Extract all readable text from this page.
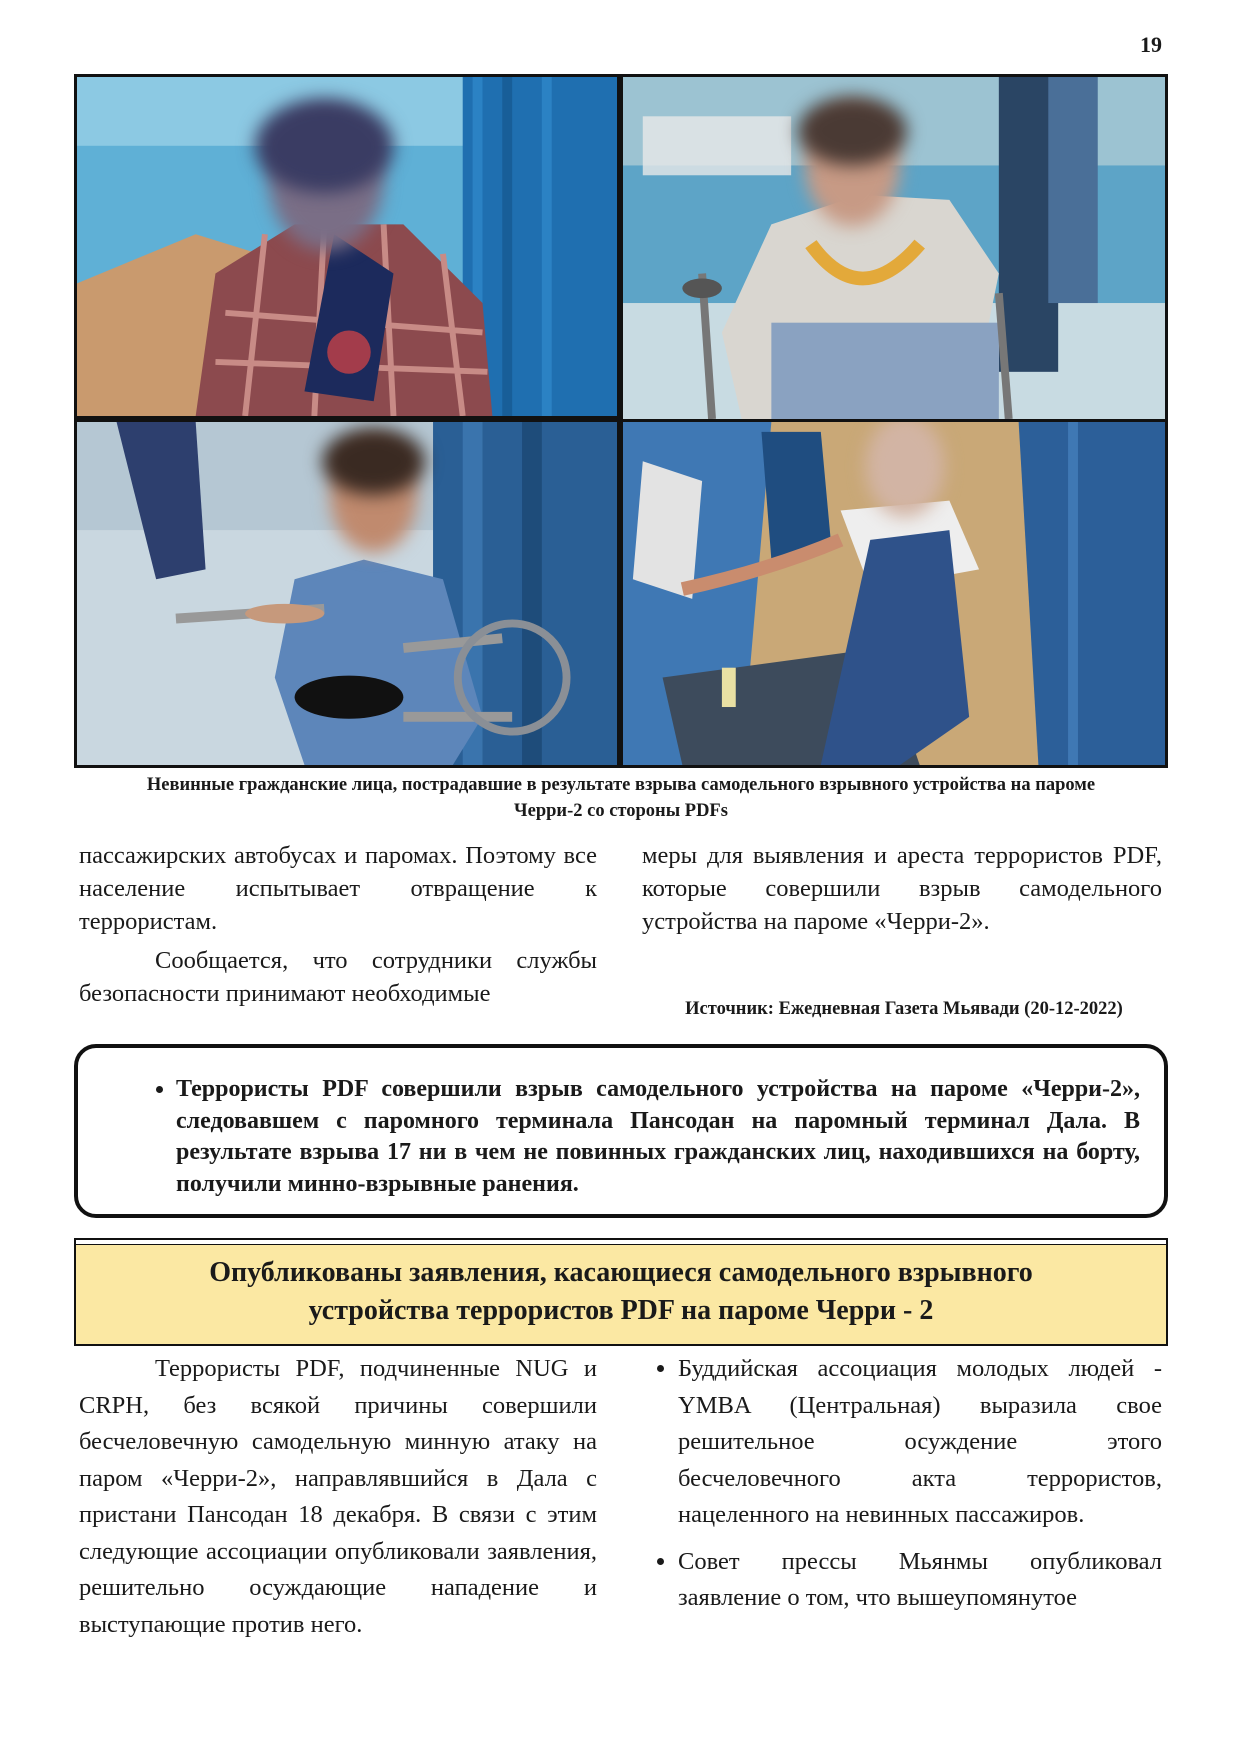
19
Невинные гражданские лица, пострадавшие в результате взрыва самодельного взрывного устройства на пароме
Черри-2 со стороны PDFs

пассажирских автобусах и паромах. Поэтому все население испытывает отвращение к террористам.

Сообщается, что сотрудники службы безопасности принимают необходимые

меры для выявления и ареста террористов PDF, которые совершили взрыв самодельного устройства на пароме «Черри-2».

Источник: Ежедневная Газета Мьявади (20-12-2022)
• Террористы PDF совершили взрыв самодельного устройства на пароме «Черри-2», следовавшем с паромного терминала Пансодан на паромный терминал Дала. В результате взрыва 17 ни в чем не повинных гражданских лиц, находившихся на борту, получили минно-взрывные ранения.
Опубликованы заявления, касающиеся самодельного взрывного
устройства террористов PDF на пароме Черри - 2

Террористы PDF, подчиненные NUG и CRPH, без всякой причины совершили бесчеловечную самодельную минную атаку на паром «Черри-2», направлявшийся в Дала с пристани Пансодан 18 декабря. В связи с этим следующие ассоциации опубликовали заявления, решительно осуждающие нападение и выступающие против него.

• Буддийская ассоциация молодых людей -YMBA (Центральная) выразила свое решительное осуждение этого бесчеловечного акта террористов, нацеленного на невинных пассажиров.
• Совет прессы Мьянмы опубликовал заявление о том, что вышеупомянутое
